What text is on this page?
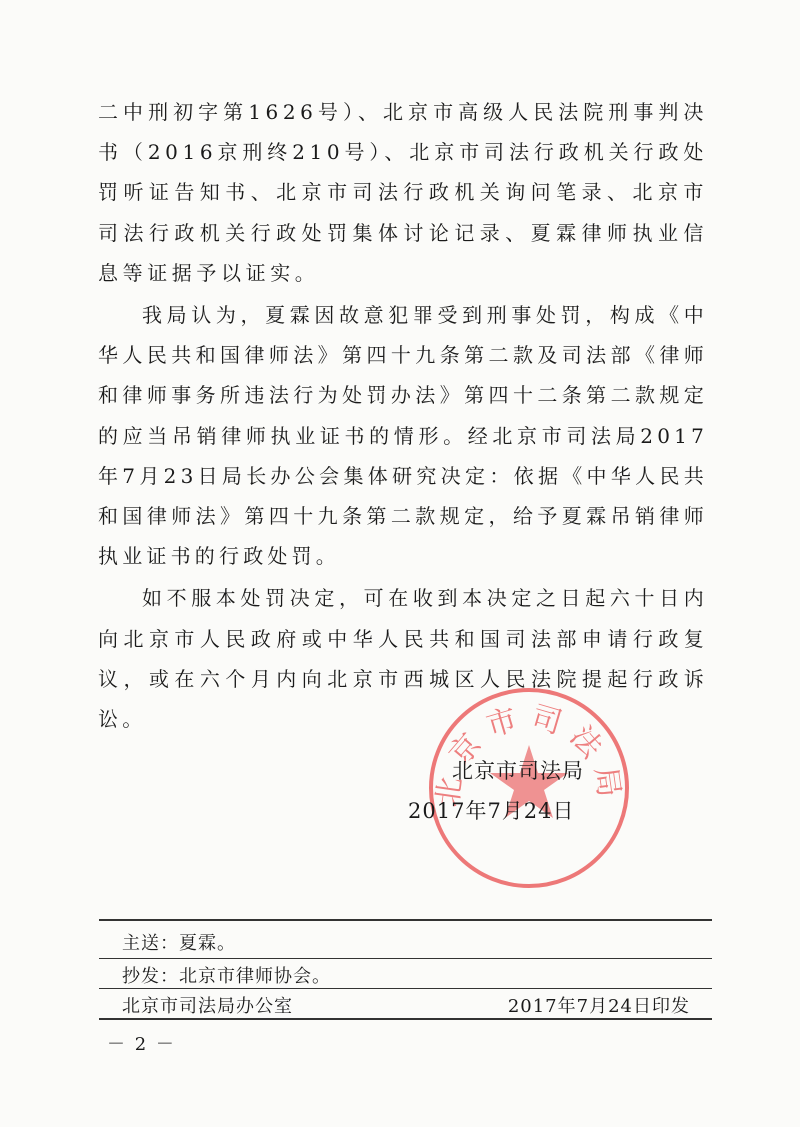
二中刑初字第1626号）、北京市高级人民法院刑事判决书（2016京刑终210号）、北京市司法行政机关行政处罚听证告知书、北京市司法行政机关询问笔录、北京市司法行政机关行政处罚集体讨论记录、夏霖律师执业信息等证据予以证实。

我局认为，夏霖因故意犯罪受到刑事处罚，构成《中华人民共和国律师法》第四十九条第二款及司法部《律师和律师事务所违法行为处罚办法》第四十二条第二款规定的应当吊销律师执业证书的情形。经北京市司法局2017年7月23日局长办公会集体研究决定：依据《中华人民共和国律师法》第四十九条第二款规定，给予夏霖吊销律师执业证书的行政处罚。

如不服本处罚决定，可在收到本决定之日起六十日内向北京市人民政府或中华人民共和国司法部申请行政复议，或在六个月内向北京市西城区人民法院提起行政诉讼。

北京市司法局
北京市司法局
2017年7月24日
主送：夏霖。
抄发：北京市律师协会。
北京市司法局办公室	2017年7月24日印发
－ 2 －
